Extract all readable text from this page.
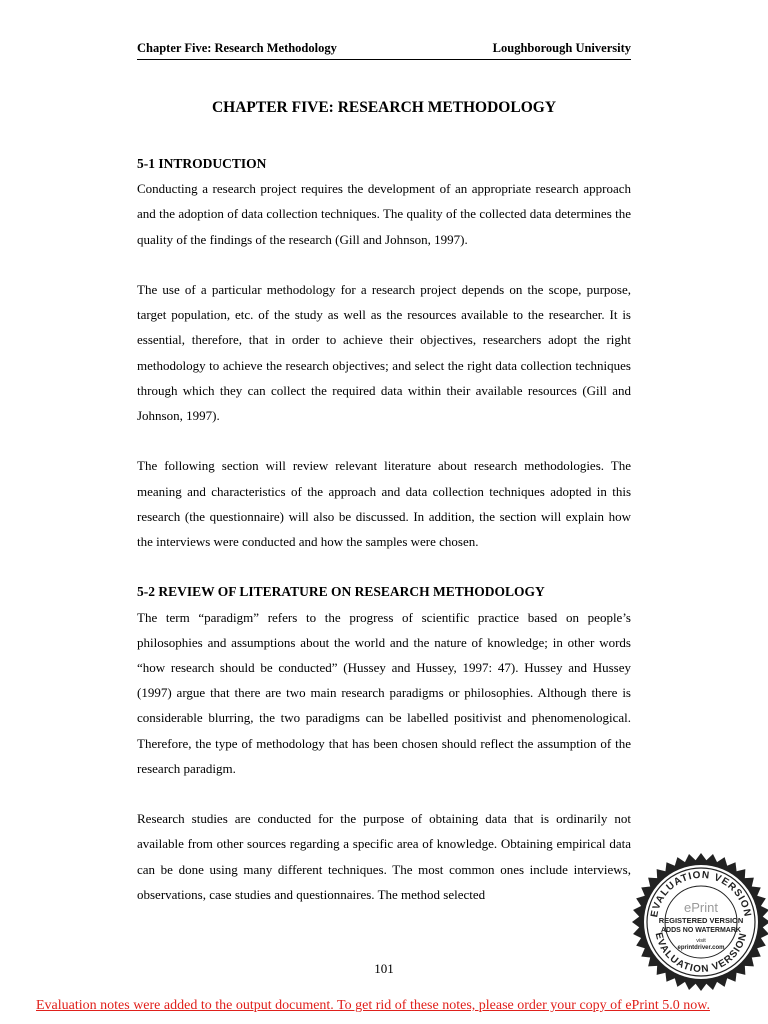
Chapter Five: Research Methodology	Loughborough University
CHAPTER FIVE: RESEARCH METHODOLOGY
5-1 INTRODUCTION

Conducting a research project requires the development of an appropriate research approach and the adoption of data collection techniques. The quality of the collected data determines the quality of the findings of the research (Gill and Johnson, 1997).

The use of a particular methodology for a research project depends on the scope, purpose, target population, etc. of the study as well as the resources available to the researcher. It is essential, therefore, that in order to achieve their objectives, researchers adopt the right methodology to achieve the research objectives; and select the right data collection techniques through which they can collect the required data within their available resources (Gill and Johnson, 1997).

The following section will review relevant literature about research methodologies. The meaning and characteristics of the approach and data collection techniques adopted in this research (the questionnaire) will also be discussed. In addition, the section will explain how the interviews were conducted and how the samples were chosen.

5-2 REVIEW OF LITERATURE ON RESEARCH METHODOLOGY

The term “paradigm” refers to the progress of scientific practice based on people’s philosophies and assumptions about the world and the nature of knowledge; in other words “how research should be conducted” (Hussey and Hussey, 1997: 47). Hussey and Hussey (1997) argue that there are two main research paradigms or philosophies. Although there is considerable blurring, the two paradigms can be labelled positivist and phenomenological. Therefore, the type of methodology that has been chosen should reflect the assumption of the research paradigm.

Research studies are conducted for the purpose of obtaining data that is ordinarily not available from other sources regarding a specific area of knowledge. Obtaining empirical data can be done using many different techniques. The most common ones include interviews, observations, case studies and questionnaires. The method selected

101
Evaluation notes were added to the output document. To get rid of these notes, please order your copy of ePrint 5.0 now.
EVALUATION VERSION
EVALUATION VERSION
ePrint
REGISTERED VERSION
ADDS NO WATERMARK
visit
eprintdriver.com
